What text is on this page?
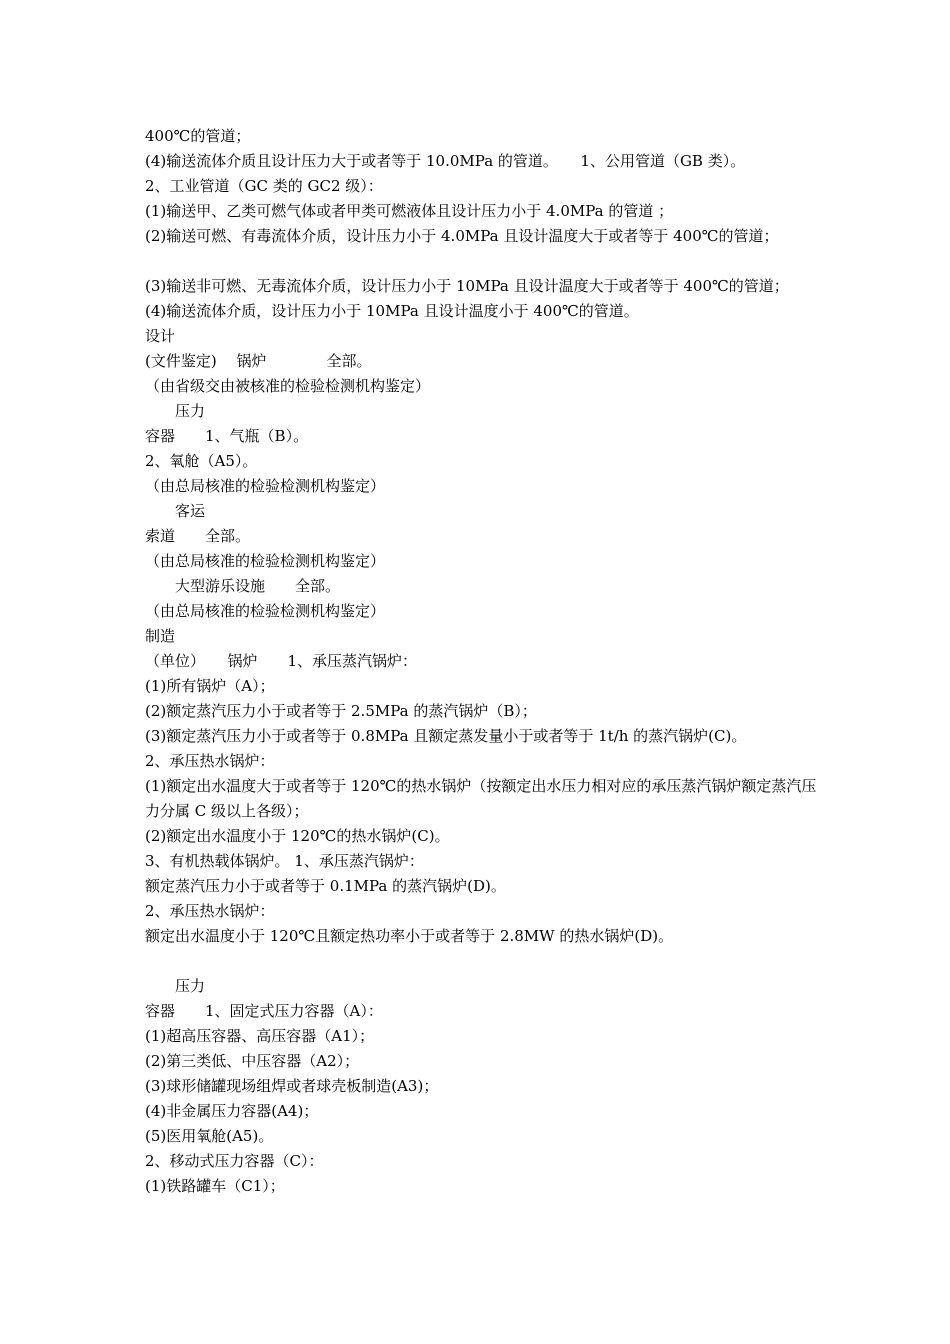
400℃的管道；
(4)输送流体介质且设计压力大于或者等于 10.0MPa 的管道。　　1、公用管道（GB 类）。
2、工业管道（GC 类的 GC2 级）：
(1)输送甲、乙类可燃气体或者甲类可燃液体且设计压力小于 4.0MPa 的管道 ；
(2)输送可燃、有毒流体介质，设计压力小于 4.0MPa 且设计温度大于或者等于 400℃的管道；
(3)输送非可燃、无毒流体介质，设计压力小于 10MPa 且设计温度大于或者等于 400℃的管道；
(4)输送流体介质，设计压力小于 10MPa 且设计温度小于 400℃的管道。
设计
(文件鉴定)　 锅炉　　　　全部。
（由省级交由被核准的检验检测机构鉴定）
　　压力
容器　　1、气瓶（B）。
2、氧舱（A5）。
（由总局核准的检验检测机构鉴定）
　　客运
索道　　全部。
（由总局核准的检验检测机构鉴定）
　　大型游乐设施　　全部。
（由总局核准的检验检测机构鉴定）
制造
（单位）　　锅炉　　1、承压蒸汽锅炉：
(1)所有锅炉（A）；
(2)额定蒸汽压力小于或者等于 2.5MPa 的蒸汽锅炉（B）；
(3)额定蒸汽压力小于或者等于 0.8MPa 且额定蒸发量小于或者等于 1t/h 的蒸汽锅炉(C)。
2、承压热水锅炉：
(1)额定出水温度大于或者等于 120℃的热水锅炉（按额定出水压力相对应的承压蒸汽锅炉额定蒸汽压力分属 C 级以上各级）；
(2)额定出水温度小于 120℃的热水锅炉(C)。
3、有机热载体锅炉。 1、承压蒸汽锅炉：
额定蒸汽压力小于或者等于 0.1MPa 的蒸汽锅炉(D)。
2、承压热水锅炉：
额定出水温度小于 120℃且额定热功率小于或者等于 2.8MW 的热水锅炉(D)。
　　压力
容器　　1、固定式压力容器（A）：
(1)超高压容器、高压容器（A1）；
(2)第三类低、中压容器（A2）；
(3)球形储罐现场组焊或者球壳板制造(A3)；
(4)非金属压力容器(A4)；
(5)医用氧舱(A5)。
2、移动式压力容器（C）：
(1)铁路罐车（C1）；
